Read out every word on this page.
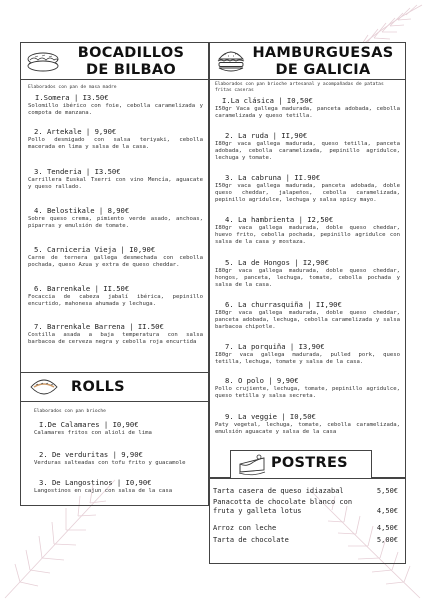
BOCADILLOS
DE BILBAO
Elaborados con pan de masa madre
I.Somera | I3.50€
Solomillo ibérico con foie, cebolla caramelizada y compota de manzana.
2. Artekale | 9,90€
Pollo desmigado con salsa teriyaki, cebolla macerada en lima y salsa de la casa.
3. Tenderia | I3.50€
Carrillera Euskal Txerri con vino Mencía, aguacate y queso rallado.
4. Belostikale | 8,90€
Sobre queso crema, pimiento verde asado, anchoas, piparras y emulsión de tomate.
5. Carniceria Vieja | I0,90€
Carne de ternera gallega desmechada con cebolla pochada, queso Azua y extra de queso cheddar.
6. Barrenkale | II.50€
Focaccia de cabeza jabalí ibérica, pepinillo encurtido, mahonesa ahumada y lechuga.
7. Barrenkale Barrena | II.50€
Costilla asada a baja temperatura con salsa barbacoa de cerveza negra y cebolla roja encurtida
ROLLS
Elaborados con pan brioche
I.De Calamares | I0,90€
Calamares fritos con alioli de lima
2. De verduritas | 9,90€
Verduras salteadas con tofu frito y guacamole
3. De Langostinos | I0,90€
Langostinos en cajun con salsa de la casa
HAMBURGUESAS
DE GALICIA
Elaborados con pan brioche artesanal y acompañadas de patatas fritas caseras
I.La clásica | I0,50€
I50gr Vaca gallega madurada, panceta adobada, cebolla caramelizada y queso tetilla.
2. La ruda | II,90€
I80gr vaca gallega madurada, queso tetilla, panceta adobada, cebolla caramelizada, pepinillo agridulce, lechuga y tomate.
3. La cabruna | II.90€
I50gr vaca gallega madurada, panceta adobada, doble queso cheddar, jalapeños, cebolla caramelizada, pepinillo agridulce, lechuga y salsa spicy mayo.
4. La hambrienta | I2,50€
I80gr vaca gallega madurada, doble queso cheddar, huevo frito, cebolla pochada, pepinillo agridulce con salsa de la casa y mostaza.
5. La de Hongos | I2,90€
I80gr vaca gallega madurada, doble queso cheddar, hongos, panceta, lechuga, tomate, cebolla pochada y salsa de la casa.
6. La churrasquiña | II,90€
I80gr vaca gallega madurada, doble queso cheddar, panceta adobada, lechuga, cebolla caramelizada y salsa barbacoa chipotle.
7. La porquiña | I3,90€
I80gr vaca gallega madurada, pulled pork, queso tetilla, lechuga, tomate y salsa de la casa.
8. O polo | 9,90€
Pollo crujiente, lechuga, tomate, pepinillo agridulce, queso tetilla y salsa secreta.
9. La veggie | I0,50€
Paty vegetal, lechuga, tomate, cebolla caramelizada, emulsión aguacate y salsa de la casa
POSTRES
Tarta casera de queso idiazabal	5,50€
Panacotta de chocolate blanco con fruta y galleta lotus	4,50€
Arroz con leche	4,50€
Tarta de chocolate	5,00€
